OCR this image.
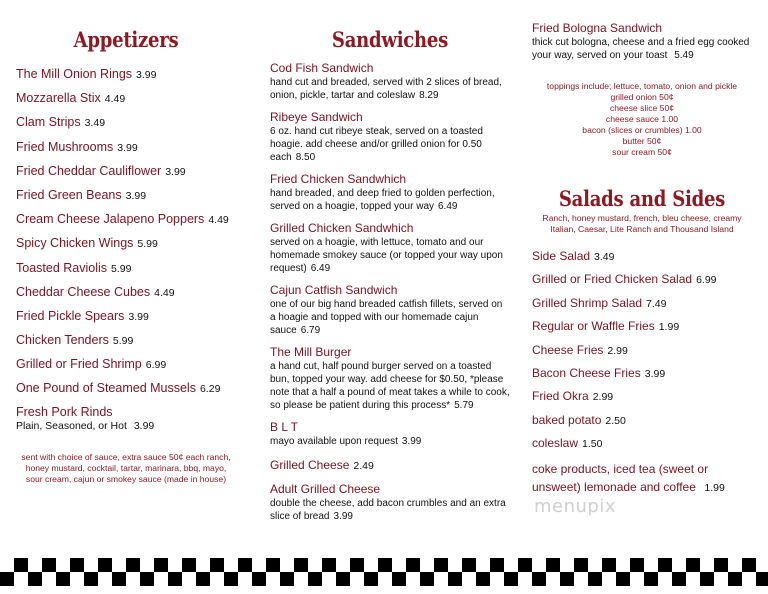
Appetizers
The Mill Onion Rings 3.99
Mozzarella Stix 4.49
Clam Strips 3.49
Fried Mushrooms 3.99
Fried Cheddar Cauliflower 3.99
Fried Green Beans 3.99
Cream Cheese Jalapeno Poppers 4.49
Spicy Chicken Wings 5.99
Toasted Raviolis 5.99
Cheddar Cheese Cubes 4.49
Fried Pickle Spears 3.99
Chicken Tenders 5.99
Grilled or Fried Shrimp 6.99
One Pound of Steamed Mussels 6.29
Fresh Pork Rinds
Plain, Seasoned, or Hot 3.99
sent with choice of sauce, extra sauce 50¢ each ranch, honey mustard, cocktail, tartar, marinara, bbq, mayo, sour cream, cajun or smokey sauce (made in house)
Sandwiches
Cod Fish Sandwich
hand cut and breaded, served with 2 slices of bread, onion, pickle, tartar and coleslaw 8.29
Ribeye Sandwich
6 oz. hand cut ribeye steak, served on a toasted hoagie. add cheese and/or grilled onion for 0.50 each 8.50
Fried Chicken Sandwhich
hand breaded, and deep fried to golden perfection, served on a hoagie, topped your way 6.49
Grilled Chicken Sandwhich
served on a hoagie, with lettuce, tomato and our homemade smokey sauce (or topped your way upon request) 6.49
Cajun Catfish Sandwich
one of our big hand breaded catfish fillets, served on a hoagie and topped with our homemade cajun sauce 6.79
The Mill Burger
a hand cut, half pound burger served on a toasted bun, topped your way. add cheese for $0.50, *please note that a half a pound of meat takes a while to cook, so please be patient during this process* 5.79
B L T
mayo available upon request 3.99
Grilled Cheese 2.49
Adult Grilled Cheese
double the cheese, add bacon crumbles and an extra slice of bread 3.99
Fried Bologna Sandwich
thick cut bologna, cheese and a fried egg cooked your way, served on your toast 5.49
toppings include; lettuce, tomato, onion and pickle
grilled onion 50¢
cheese slice 50¢
cheese sauce 1.00
bacon (slices or crumbles) 1.00
butter 50¢
sour cream 50¢
Salads and Sides
Ranch, honey mustard, french, bleu cheese, creamy Italian, Caesar, Lite Ranch and Thousand Island
Side Salad 3.49
Grilled or Fried Chicken Salad 6.99
Grilled Shrimp Salad 7.49
Regular or Waffle Fries 1.99
Cheese Fries 2.99
Bacon Cheese Fries 3.99
Fried Okra 2.99
baked potato 2.50
coleslaw 1.50
coke products, iced tea (sweet or unsweet) lemonade and coffee 1.99
menupix
